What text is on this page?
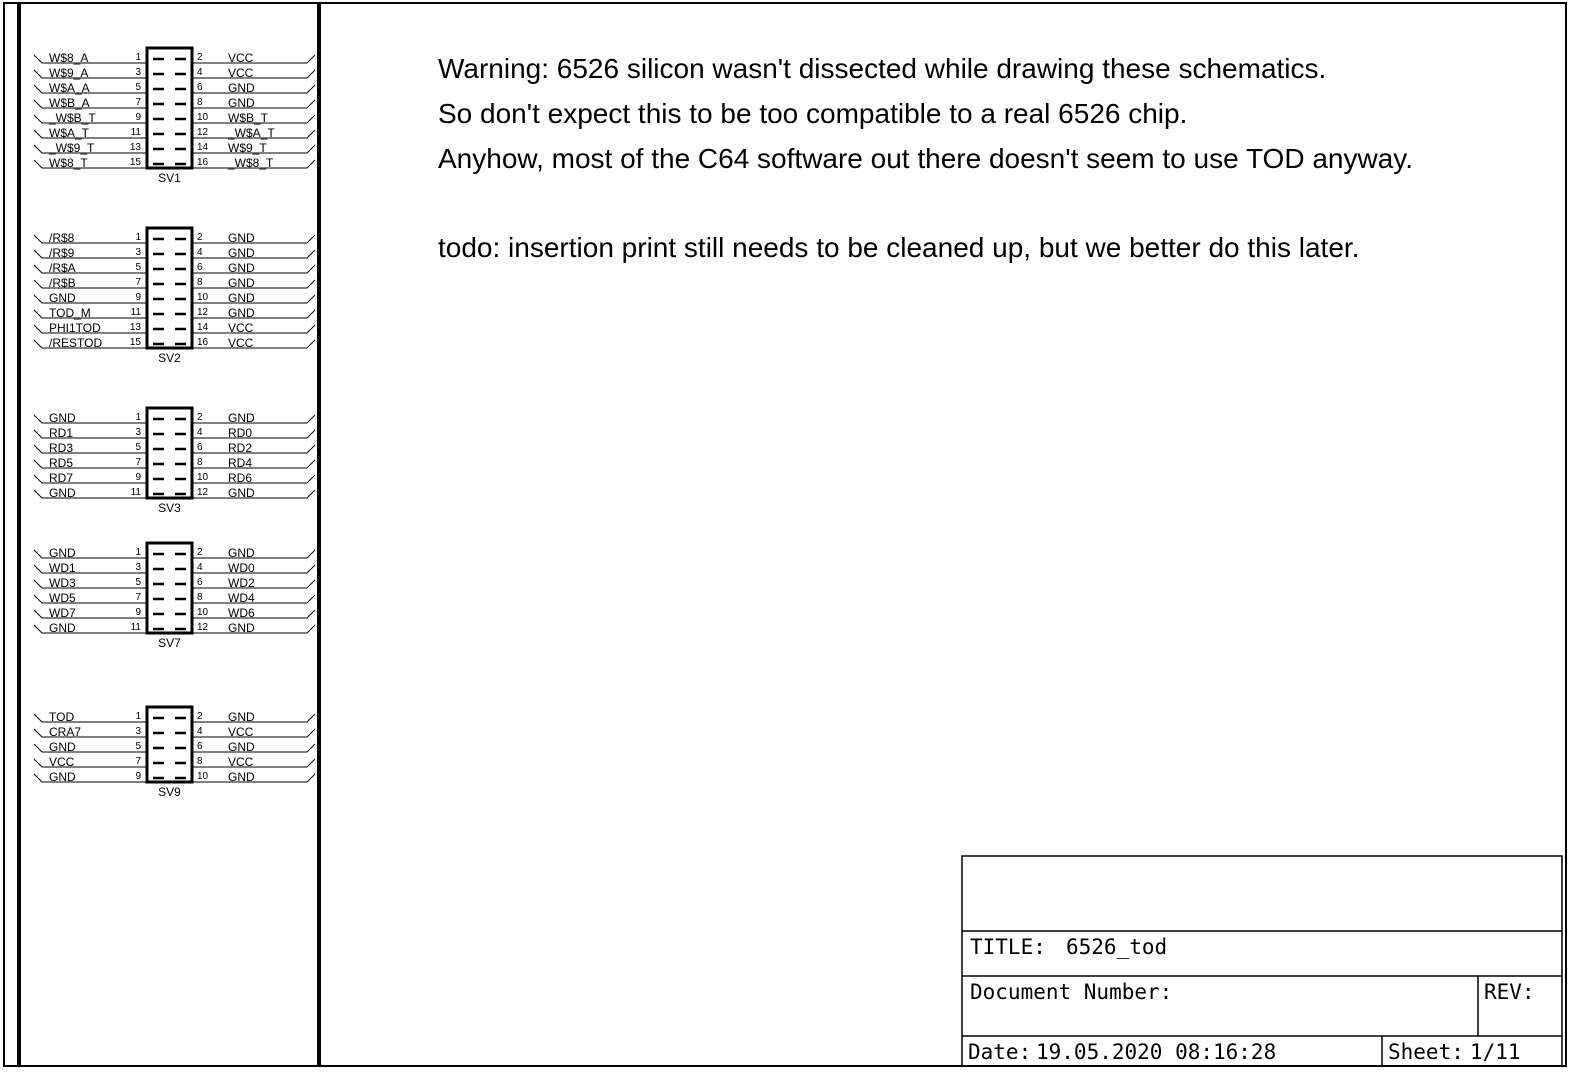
W$8_A	1	2 VCC
W$9_A	3	4 VCC
W$A_A	5	6 GND
W$B_A	7	8 GND
_W$B_T	9	10 W$B_T
W$A_T	11	12 _W$A_T
_W$9_T	13	14 W$9_T
W$8_T	15	16 _W$8_T
SV1
/R$8	1	2 GND
/R$9	3	4 GND
/R$A	5	6 GND
/R$B	7	8 GND
GND	9	10 GND
TOD_M	11	12 GND
PHI1TOD	13	14 VCC
/RESTOD	15	16 VCC
SV2
GND	1	2 GND
RD1	3	4 RD0
RD3	5	6 RD2
RD5	7	8 RD4
RD7	9	10 RD6
GND	11	12 GND
SV3
GND	1	2 GND
WD1	3	4 WD0
WD3	5	6 WD2
WD5	7	8 WD4
WD7	9	10 WD6
GND	11	12 GND
SV7
TOD	1	2 GND
CRA7	3	4 VCC
GND	5	6 GND
VCC	7	8 VCC
GND	9	10 GND
SV9
Warning: 6526 silicon wasn't dissected while drawing these schematics.
So don't expect this to be too compatible to a real 6526 chip.
Anyhow, most of the C64 software out there doesn't seem to use TOD anyway.
todo: insertion print still needs to be cleaned up, but we better do this later.
TITLE: 6526_tod
Document Number:	REV:
Date: 19.05.2020 08:16:28	Sheet: 1/11
